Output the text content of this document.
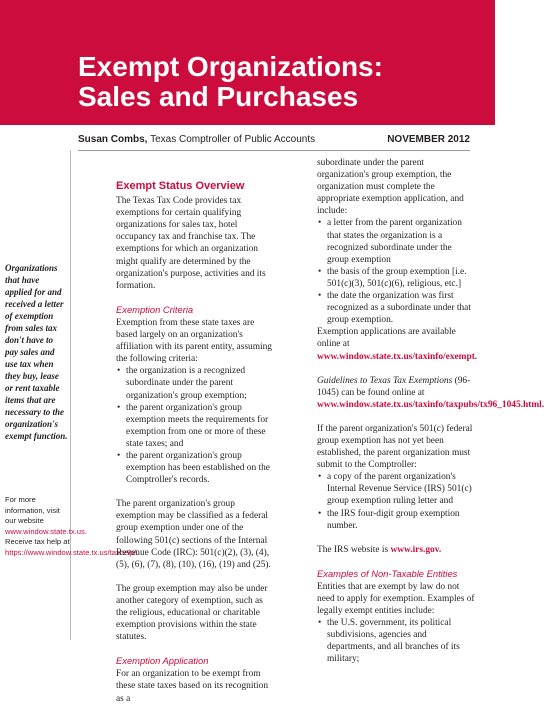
Exempt Organizations:
Sales and Purchases
Susan Combs, Texas Comptroller of Public Accounts	NOVEMBER 2012
Organizations that have applied for and received a letter of exemption from sales tax don't have to pay sales and use tax when they buy, lease or rent taxable items that are necessary to the organization's exempt function.
For more information, visit our website
www.window.state.tx.us.
Receive tax help at
https://www.window.state.tx.us/taxhelp/.
Exempt Status Overview

The Texas Tax Code provides tax exemptions for certain qualifying organizations for sales tax, hotel occupancy tax and franchise tax. The exemptions for which an organization might qualify are determined by the organization's purpose, activities and its formation.

Exemption Criteria

Exemption from these state taxes are based largely on an organization's affiliation with its parent entity, assuming the following criteria:

• the organization is a recognized subordinate under the parent organization's group exemption;
• the parent organization's group exemption meets the requirements for exemption from one or more of these state taxes; and
• the parent organization's group exemption has been established on the Comptroller's records.

The parent organization's group exemption may be classified as a federal group exemption under one of the following 501(c) sections of the Internal Revenue Code (IRC): 501(c)(2), (3), (4), (5), (6), (7), (8), (10), (16), (19) and (25).

The group exemption may also be under another category of exemption, such as the religious, educational or charitable exemption provisions within the state statutes.

Exemption Application

For an organization to be exempt from these state taxes based on its recognition as a

subordinate under the parent organization's group exemption, the organization must complete the appropriate exemption application, and include:

• a letter from the parent organization that states the organization is a recognized subordinate under the group exemption
• the basis of the group exemption [i.e. 501(c)(3), 501(c)(6), religious, etc.]
• the date the organization was first recognized as a subordinate under that group exemption.

Exemption applications are available online at www.window.state.tx.us/taxinfo/exempt.

Guidelines to Texas Tax Exemptions (96-1045) can be found online at www.window.state.tx.us/taxinfo/taxpubs/tx96_1045.html.

If the parent organization's 501(c) federal group exemption has not yet been established, the parent organization must submit to the Comptroller:

• a copy of the parent organization's Internal Revenue Service (IRS) 501(c) group exemption ruling letter and
• the IRS four-digit group exemption number.

The IRS website is www.irs.gov.

Examples of Non-Taxable Entities

Entities that are exempt by law do not need to apply for exemption. Examples of legally exempt entities include:

• the U.S. government, its political subdivisions, agencies and departments, and all branches of its military;
